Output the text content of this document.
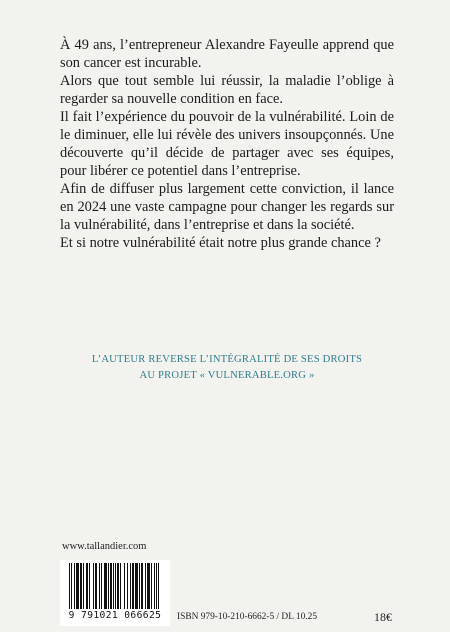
À 49 ans, l’entrepreneur Alexandre Fayeulle apprend que son cancer est incurable.

Alors que tout semble lui réussir, la maladie l’oblige à regarder sa nouvelle condition en face.

Il fait l’expérience du pouvoir de la vulnérabilité. Loin de le diminuer, elle lui révèle des univers insoupçonnés. Une découverte qu’il décide de partager avec ses équipes, pour libérer ce potentiel dans l’entreprise.

Afin de diffuser plus largement cette conviction, il lance en 2024 une vaste campagne pour changer les regards sur la vulnérabilité, dans l’entreprise et dans la société.

Et si notre vulnérabilité était notre plus grande chance ?

L’AUTEUR REVERSE L’INTÉGRALITÉ DE SES DROITS
AU PROJET « VULNERABLE.ORG »
www.tallandier.com
9 791021 066625	ISBN 979-10-210-6662-5 / DL 10.25	18€
